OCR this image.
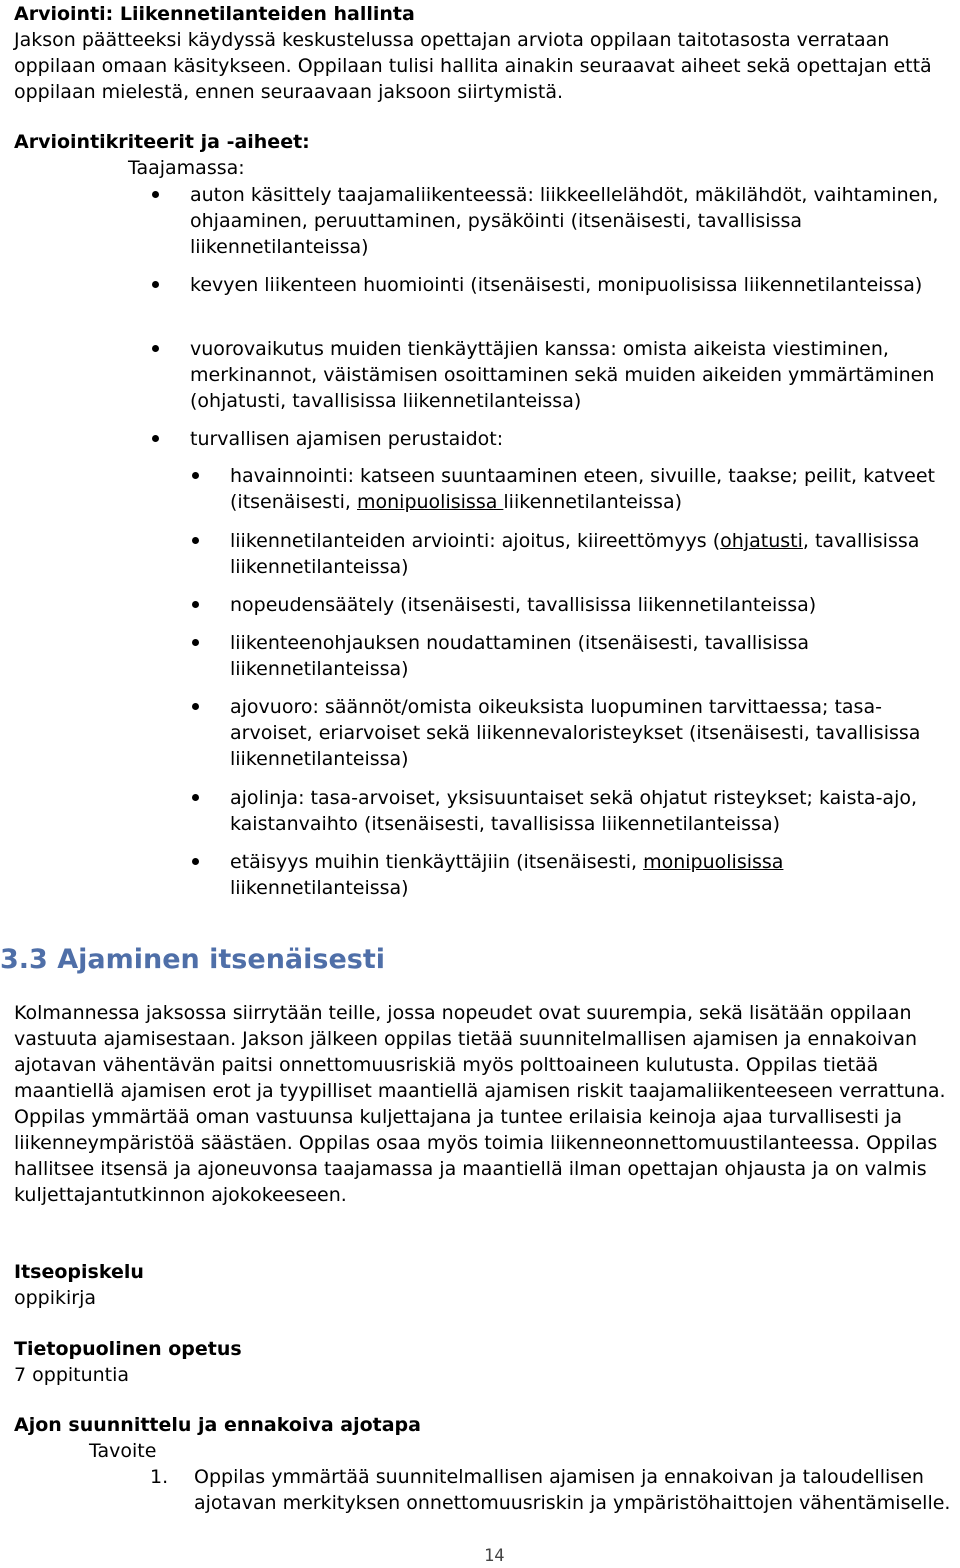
Arviointi: Liikennetilanteiden hallinta
Jakson päätteeksi käydyssä keskustelussa opettajan arviota oppilaan taitotasosta verrataan oppilaan omaan käsitykseen. Oppilaan tulisi hallita ainakin seuraavat aiheet sekä opettajan että oppilaan mielestä, ennen seuraavaan jaksoon siirtymistä.
Arviointikriteerit ja -aiheet:
Taajamassa:
auton käsittely taajamaliikenteessä: liikkeellelähdöt, mäkilähdöt, vaihtaminen, ohjaaminen, peruuttaminen, pysäköinti (itsenäisesti, tavallisissa liikennetilanteissa)
kevyen liikenteen huomiointi (itsenäisesti, monipuolisissa liikennetilanteissa)
vuorovaikutus muiden tienkäyttäjien kanssa: omista aikeista viestiminen, merkinannot, väistämisen osoittaminen sekä muiden aikeiden ymmärtäminen (ohjatusti, tavallisissa liikennetilanteissa)
turvallisen ajamisen perustaidot:
havainnointi: katseen suuntaaminen eteen, sivuille, taakse; peilit, katveet (itsenäisesti, monipuolisissa liikennetilanteissa)
liikennetilanteiden arviointi: ajoitus, kiireettömyys (ohjatusti, tavallisissa liikennetilanteissa)
nopeudensäätely (itsenäisesti, tavallisissa liikennetilanteissa)
liikenteenohjauksen noudattaminen (itsenäisesti, tavallisissa liikennetilanteissa)
ajovuoro: säännöt/omista oikeuksista luopuminen tarvittaessa; tasa-arvoiset, eriarvoiset sekä liikennevaloristeykset (itsenäisesti, tavallisissa liikennetilanteissa)
ajolinja: tasa-arvoiset, yksisuuntaiset sekä ohjatut risteykset; kaista-ajo, kaistanvaihto (itsenäisesti, tavallisissa liikennetilanteissa)
etäisyys muihin tienkäyttäjiin (itsenäisesti, monipuolisissa liikennetilanteissa)
3.3 Ajaminen itsenäisesti
Kolmannessa jaksossa siirrytään teille, jossa nopeudet ovat suurempia, sekä lisätään oppilaan vastuuta ajamisestaan. Jakson jälkeen oppilas tietää suunnitelmallisen ajamisen ja ennakoivan ajotavan vähentävän paitsi onnettomuusriskiä myös polttoaineen kulutusta. Oppilas tietää maantiellä ajamisen erot ja tyypilliset maantiellä ajamisen riskit taajamaliikenteeseen verrattuna. Oppilas ymmärtää oman vastuunsa kuljettajana ja tuntee erilaisia keinoja ajaa turvallisesti ja liikenneympäristöä säästäen. Oppilas osaa myös toimia liikenneonnettomuustilanteessa. Oppilas hallitsee itsensä ja ajoneuvonsa taajamassa ja maantiellä ilman opettajan ohjausta ja on valmis kuljettajantutkinnon ajokokeeseen.
Itseopiskelu
oppikirja
Tietopuolinen opetus
7 oppituntia
Ajon suunnittelu ja ennakoiva ajotapa
Tavoite
1. Oppilas ymmärtää suunnitelmallisen ajamisen ja ennakoivan ja taloudellisen ajotavan merkityksen onnettomuusriskin ja ympäristöhaittojen vähentämiselle.
14
